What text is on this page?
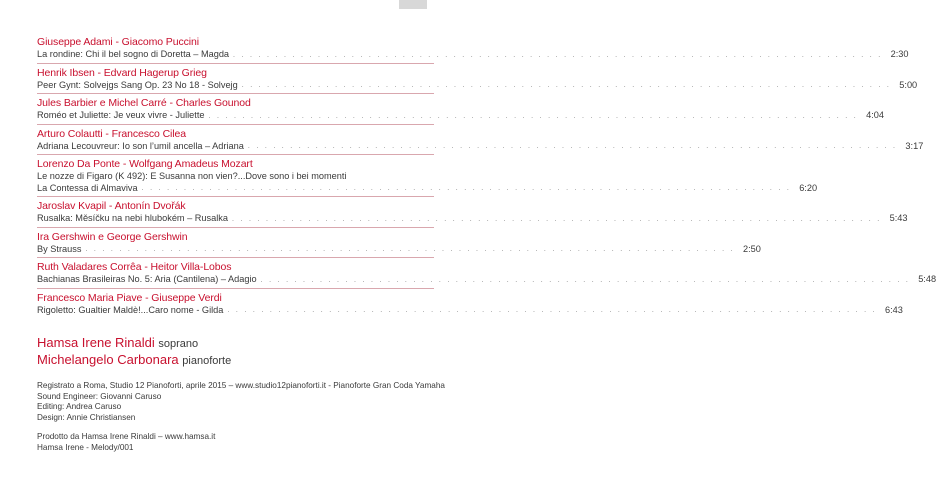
Giuseppe Adami - Giacomo Puccini
La rondine: Chi il bel sogno di Doretta – Magda . . . . . . . . . . . . . . . . . . . . . . . . . . . . . . . . . . . . . . . . . . . . . . . . . . . . . . . . . . . . . . . . . . . . . . . . . . . . . 2:30
Henrik Ibsen - Edvard Hagerup Grieg
Peer Gynt: Solvejgs Sang Op. 23 No 18 - Solvejg . . . . . . . . . . . . . . . . . . . . . . . . . . . . . . . . . . . . . . . . . . . . . . . . . . . . . . . . . . . . . . . . . . . . . . . . . . . . . 5:00
Jules Barbier e Michel Carré - Charles Gounod
Roméo et Juliette: Je veux vivre - Juliette . . . . . . . . . . . . . . . . . . . . . . . . . . . . . . . . . . . . . . . . . . . . . . . . . . . . . . . . . . . . . . . . . . . . . . . . . . . . . 4:04
Arturo Colautti - Francesco Cilea
Adriana Lecouvreur: Io son l’umil ancella – Adriana . . . . . . . . . . . . . . . . . . . . . . . . . . . . . . . . . . . . . . . . . . . . . . . . . . . . . . . . . . . . . . . . . . . . . . . . . . . . . 3:17
Lorenzo Da Ponte - Wolfgang Amadeus Mozart
Le nozze di Figaro (K 492): E Susanna non vien?...Dove sono i bei momenti
La Contessa di Almaviva . . . . . . . . . . . . . . . . . . . . . . . . . . . . . . . . . . . . . . . . . . . . . . . . . . . . . . . . . . . . . . . . . . . . . . . . . . . . . 6:20
Jaroslav Kvapil - Antonín Dvořák
Rusalka: Měsíčku na nebi hlubokém – Rusalka . . . . . . . . . . . . . . . . . . . . . . . . . . . . . . . . . . . . . . . . . . . . . . . . . . . . . . . . . . . . . . . . . . . . . . . . . . . . . 5:43
Ira Gershwin e George Gershwin
By Strauss . . . . . . . . . . . . . . . . . . . . . . . . . . . . . . . . . . . . . . . . . . . . . . . . . . . . . . . . . . . . . . . . . . . . . . . . . . . . . 2:50
Ruth Valadares Corrêa - Heitor Villa-Lobos
Bachianas Brasileiras No. 5: Aria (Cantilena) – Adagio . . . . . . . . . . . . . . . . . . . . . . . . . . . . . . . . . . . . . . . . . . . . . . . . . . . . . . . . . . . . . . . . . . . . . . . . . . . . . 5:48
Francesco Maria Piave - Giuseppe Verdi
Rigoletto: Gualtier Maldè!...Caro nome - Gilda . . . . . . . . . . . . . . . . . . . . . . . . . . . . . . . . . . . . . . . . . . . . . . . . . . . . . . . . . . . . . . . . . . . . . . . . . . . . . 6:43
Hamsa Irene Rinaldi soprano
Michelangelo Carbonara pianoforte
Registrato a Roma, Studio 12 Pianoforti, aprile 2015 – www.studio12pianoforti.it - Pianoforte Gran Coda Yamaha
Sound Engineer: Giovanni Caruso
Editing: Andrea Caruso
Design: Annie Christiansen
Prodotto da Hamsa Irene Rinaldi – www.hamsa.it
Hamsa Irene - Melody/001
